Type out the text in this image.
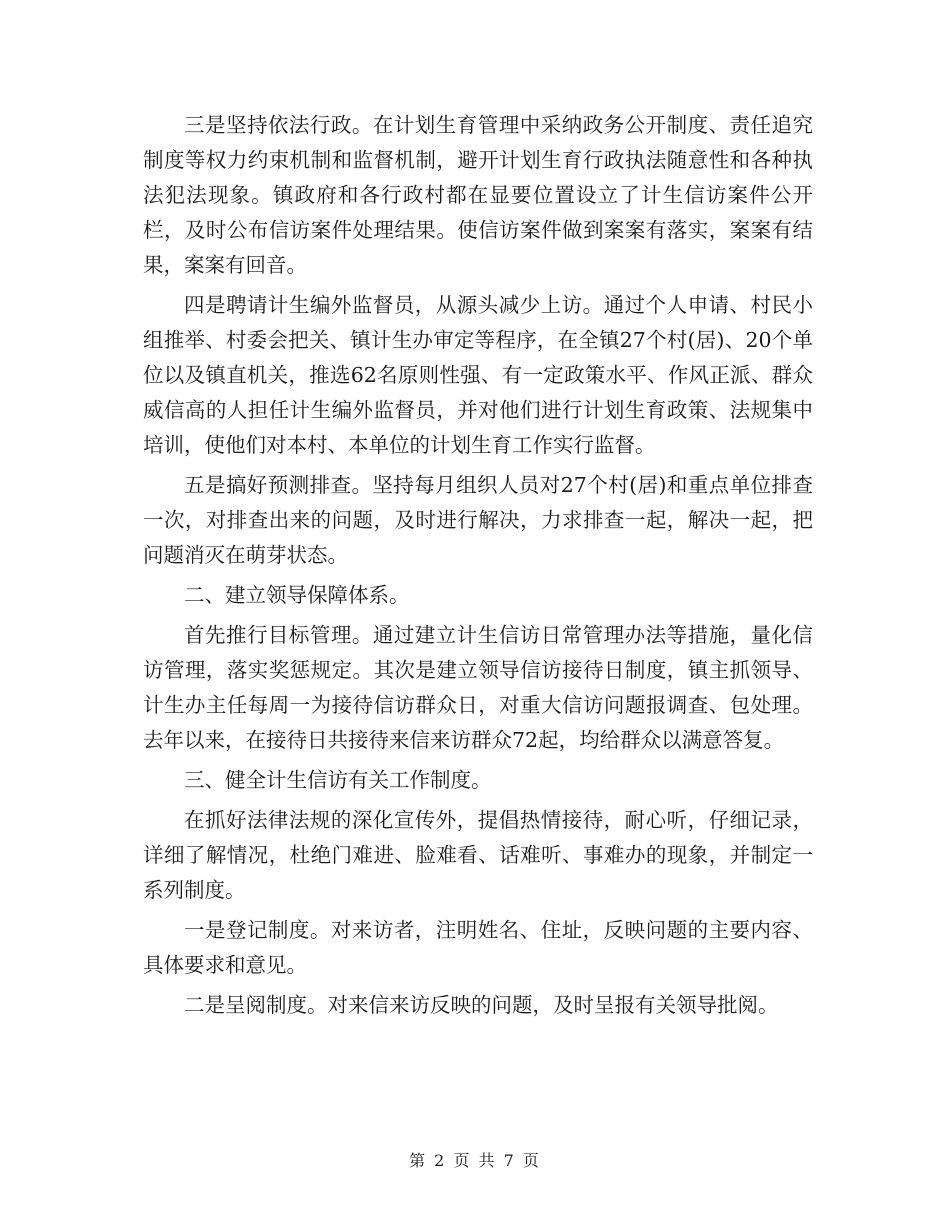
三是坚持依法行政。在计划生育管理中采纳政务公开制度、责任追究制度等权力约束机制和监督机制，避开计划生育行政执法随意性和各种执法犯法现象。镇政府和各行政村都在显要位置设立了计生信访案件公开栏，及时公布信访案件处理结果。使信访案件做到案案有落实，案案有结果，案案有回音。

四是聘请计生编外监督员，从源头减少上访。通过个人申请、村民小组推举、村委会把关、镇计生办审定等程序，在全镇27个村(居)、20个单位以及镇直机关，推选62名原则性强、有一定政策水平、作风正派、群众威信高的人担任计生编外监督员，并对他们进行计划生育政策、法规集中培训，使他们对本村、本单位的计划生育工作实行监督。

五是搞好预测排查。坚持每月组织人员对27个村(居)和重点单位排查一次，对排查出来的问题，及时进行解决，力求排查一起，解决一起，把问题消灭在萌芽状态。

二、建立领导保障体系。

首先推行目标管理。通过建立计生信访日常管理办法等措施，量化信访管理，落实奖惩规定。其次是建立领导信访接待日制度，镇主抓领导、计生办主任每周一为接待信访群众日，对重大信访问题报调查、包处理。去年以来，在接待日共接待来信来访群众72起，均给群众以满意答复。

三、健全计生信访有关工作制度。

在抓好法律法规的深化宣传外，提倡热情接待，耐心听，仔细记录，详细了解情况，杜绝门难进、脸难看、话难听、事难办的现象，并制定一系列制度。

一是登记制度。对来访者，注明姓名、住址，反映问题的主要内容、具体要求和意见。

二是呈阅制度。对来信来访反映的问题，及时呈报有关领导批阅。

第 2 页 共 7 页
